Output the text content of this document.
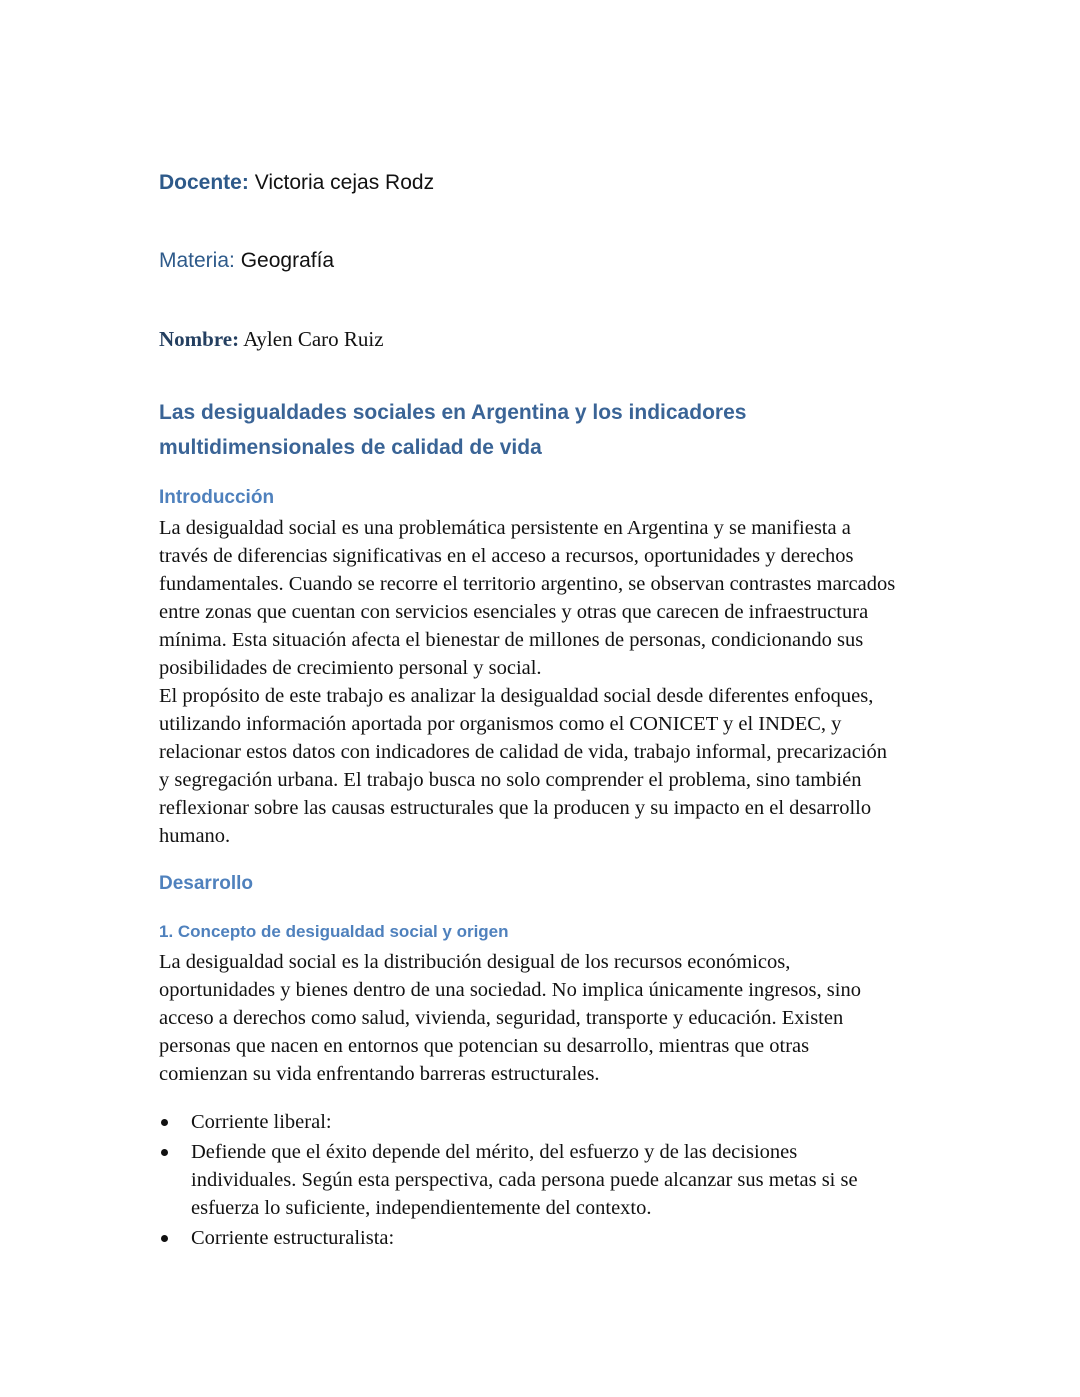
Docente: Victoria cejas Rodz
Materia: Geografía
Nombre: Aylen Caro Ruiz
Las desigualdades sociales en Argentina y los indicadores
multidimensionales de calidad de vida
Introducción
La desigualdad social es una problemática persistente en Argentina y se manifiesta a
través de diferencias significativas en el acceso a recursos, oportunidades y derechos
fundamentales. Cuando se recorre el territorio argentino, se observan contrastes marcados
entre zonas que cuentan con servicios esenciales y otras que carecen de infraestructura
mínima. Esta situación afecta el bienestar de millones de personas, condicionando sus
posibilidades de crecimiento personal y social.
El propósito de este trabajo es analizar la desigualdad social desde diferentes enfoques,
utilizando información aportada por organismos como el CONICET y el INDEC, y
relacionar estos datos con indicadores de calidad de vida, trabajo informal, precarización
y segregación urbana. El trabajo busca no solo comprender el problema, sino también
reflexionar sobre las causas estructurales que la producen y su impacto en el desarrollo
humano.
Desarrollo
1. Concepto de desigualdad social y origen
La desigualdad social es la distribución desigual de los recursos económicos,
oportunidades y bienes dentro de una sociedad. No implica únicamente ingresos, sino
acceso a derechos como salud, vivienda, seguridad, transporte y educación. Existen
personas que nacen en entornos que potencian su desarrollo, mientras que otras
comienzan su vida enfrentando barreras estructurales.
Corriente liberal:
Defiende que el éxito depende del mérito, del esfuerzo y de las decisiones
individuales. Según esta perspectiva, cada persona puede alcanzar sus metas si se
esfuerza lo suficiente, independientemente del contexto.
Corriente estructuralista:
